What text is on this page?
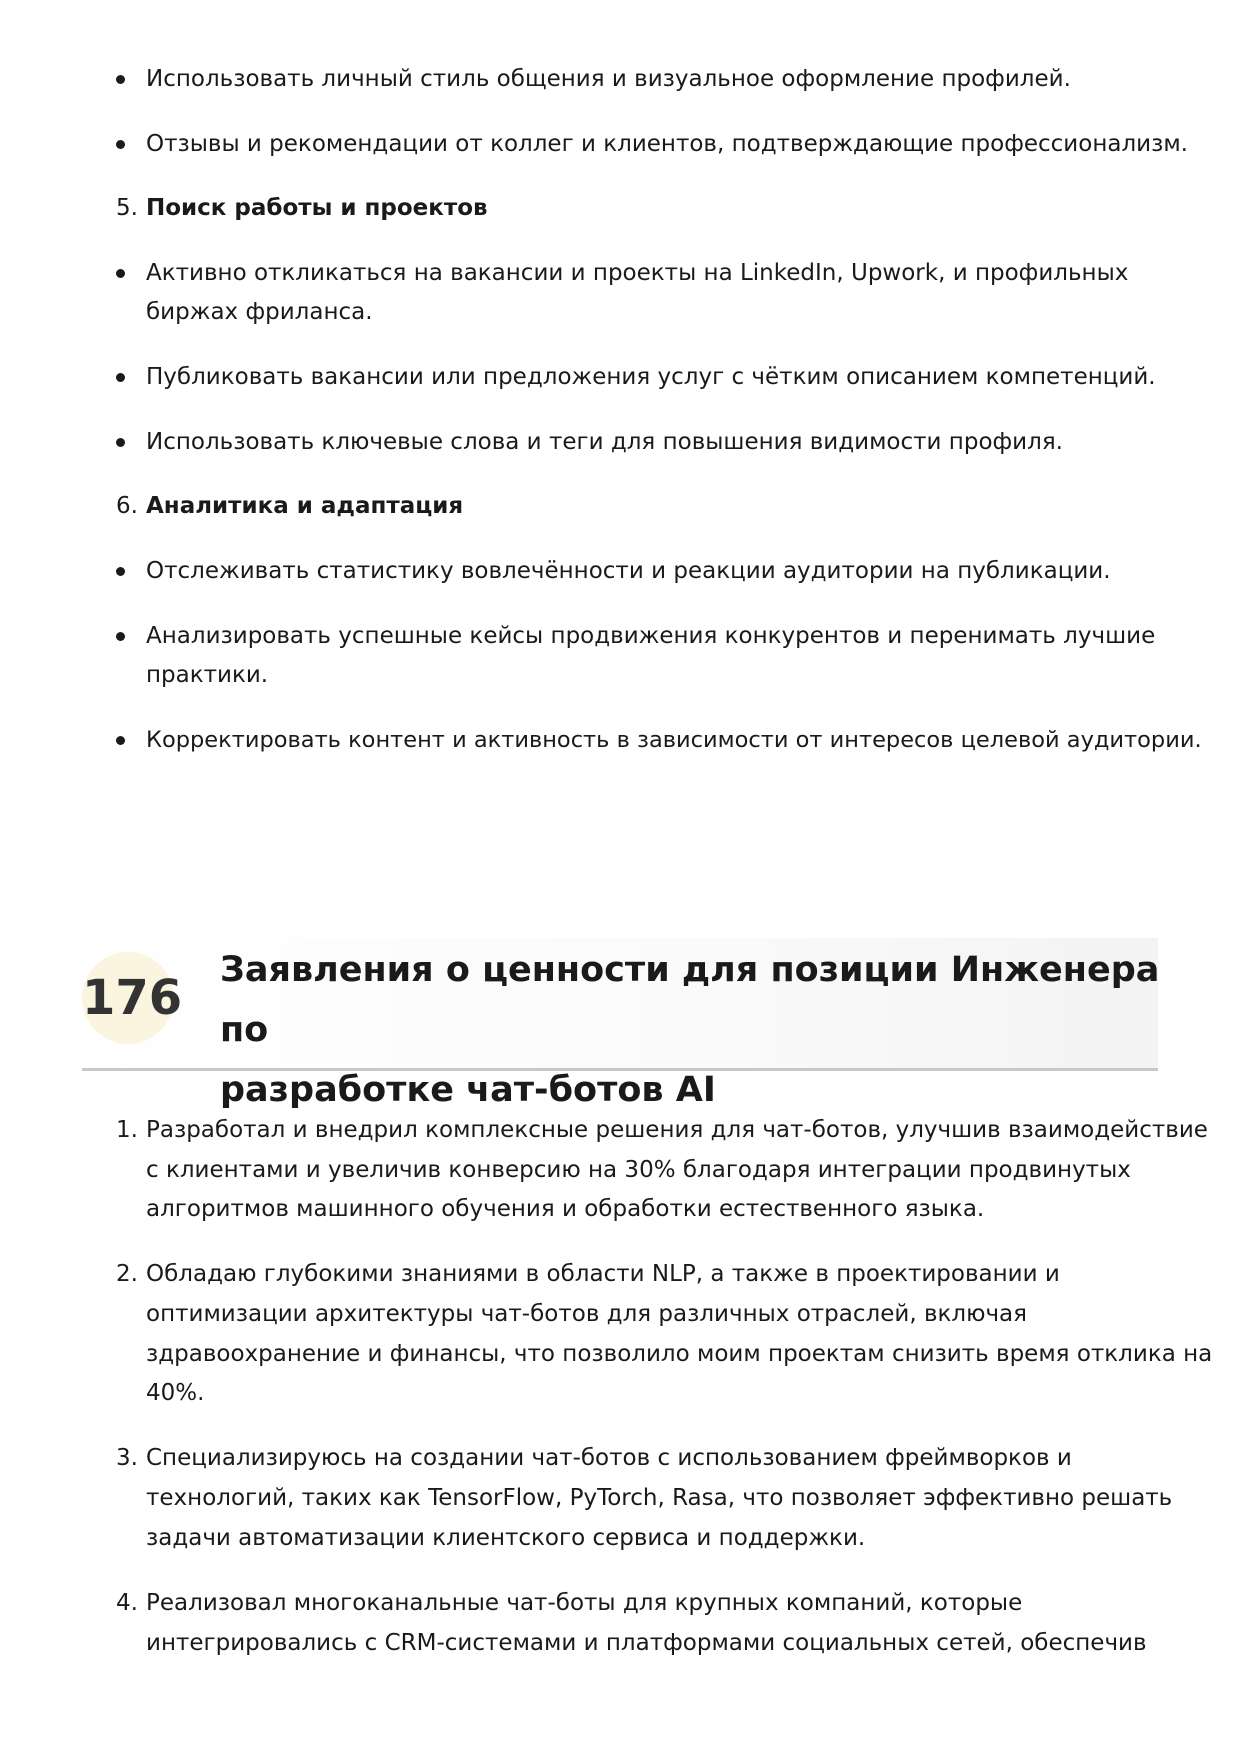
Использовать личный стиль общения и визуальное оформление профилей.
Отзывы и рекомендации от коллег и клиентов, подтверждающие профессионализм.
5. Поиск работы и проектов
Активно откликаться на вакансии и проекты на LinkedIn, Upwork, и профильных
биржах фриланса.
Публиковать вакансии или предложения услуг с чётким описанием компетенций.
Использовать ключевые слова и теги для повышения видимости профиля.
6. Аналитика и адаптация
Отслеживать статистику вовлечённости и реакции аудитории на публикации.
Анализировать успешные кейсы продвижения конкурентов и перенимать лучшие
практики.
Корректировать контент и активность в зависимости от интересов целевой аудитории.
176 Заявления о ценности для позиции Инженера по
разработке чат-ботов AI
1. Разработал и внедрил комплексные решения для чат-ботов, улучшив взаимодействие
с клиентами и увеличив конверсию на 30% благодаря интеграции продвинутых
алгоритмов машинного обучения и обработки естественного языка.
2. Обладаю глубокими знаниями в области NLP, а также в проектировании и
оптимизации архитектуры чат-ботов для различных отраслей, включая
здравоохранение и финансы, что позволило моим проектам снизить время отклика на
40%.
3. Специализируюсь на создании чат-ботов с использованием фреймворков и
технологий, таких как TensorFlow, PyTorch, Rasa, что позволяет эффективно решать
задачи автоматизации клиентского сервиса и поддержки.
4. Реализовал многоканальные чат-боты для крупных компаний, которые
интегрировались с CRM-системами и платформами социальных сетей, обеспечив
